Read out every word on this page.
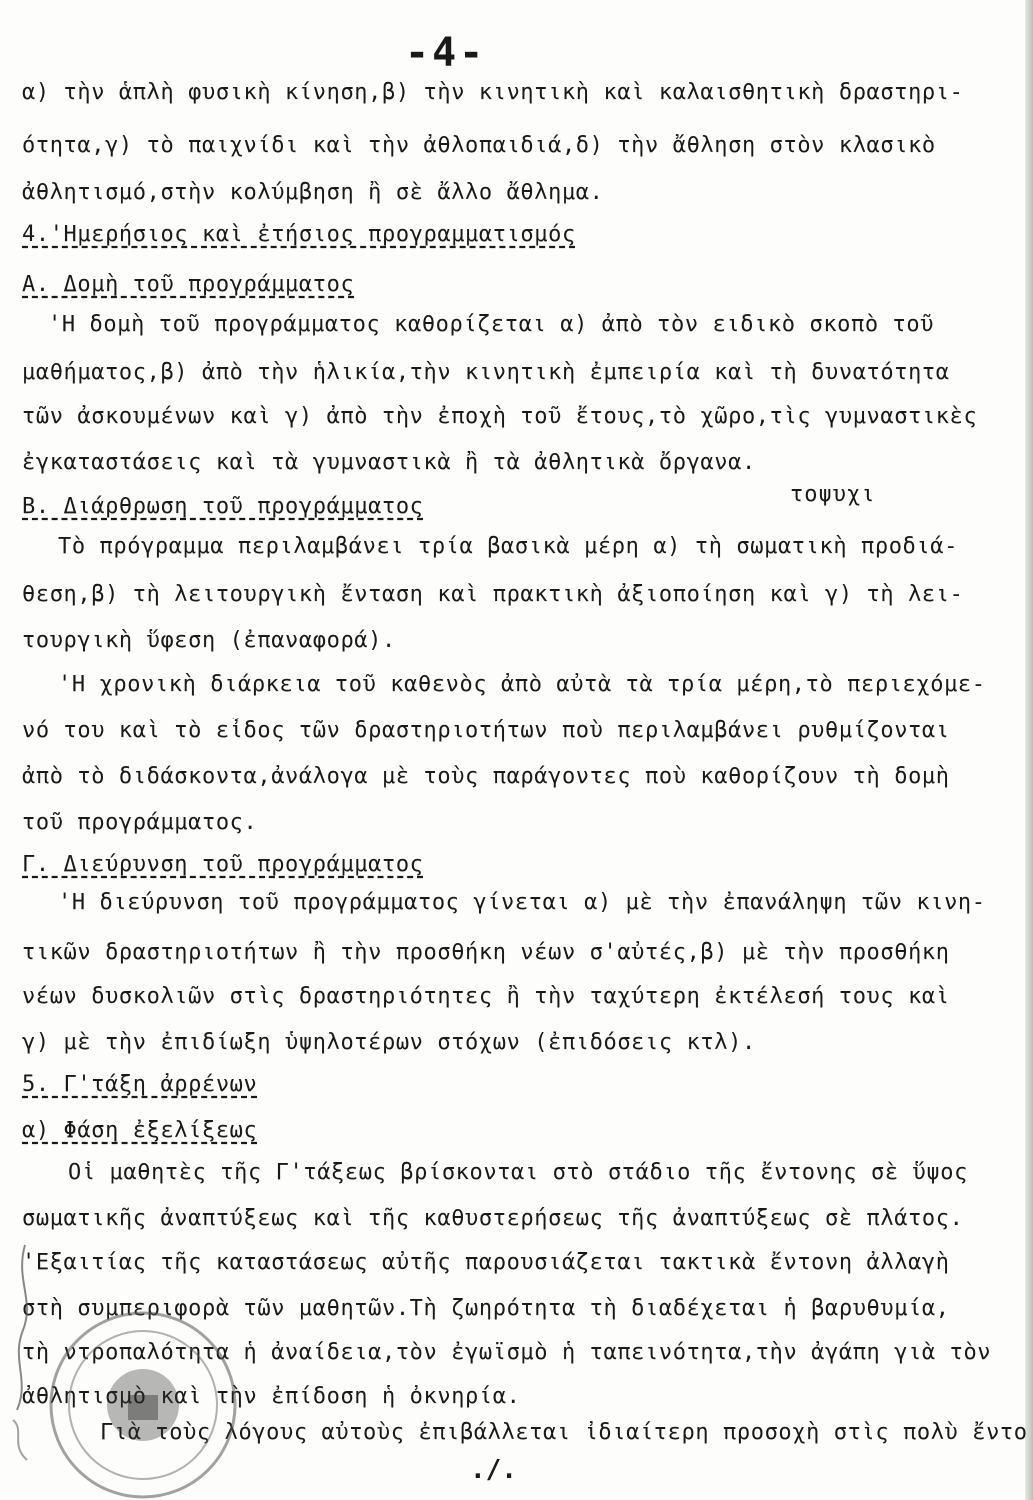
-4-
α) τὴν ἁπλὴ φυσικὴ κίνηση,β) τὴν κινητικὴ καὶ καλαισθητικὴ δραστηρι-
ότητα,γ) τὸ παιχνίδι καὶ τὴν ἀθλοπαιδιά,δ) τὴν ἄθληση στὸν κλασικὸ
ἀθλητισμό,στὴν κολύμβηση ἢ σὲ ἄλλο ἄθλημα.
4.'Ημερήσιος καὶ ἐτήσιος προγραμματισμός
Α. Δομὴ τοῦ προγράμματος
'Η δομὴ τοῦ προγράμματος καθορίζεται α) ἀπὸ τὸν ειδικὸ σκοπὸ τοῦ
μαθήματος,β) ἀπὸ τὴν ἡλικία,τὴν κινητικὴ ἐμπειρία καὶ τὴ δυνατότητα
τῶν ἀσκουμένων καὶ γ) ἀπὸ τὴν ἐποχὴ τοῦ ἔτους,τὸ χῶρο,τὶς γυμναστικὲς
ἐγκαταστάσεις καὶ τὰ γυμναστικὰ ἢ τὰ ἀθλητικὰ ὄργανα.
Β. Διάρθρωση τοῦ προγράμματος	τοψυχι
Τὸ πρόγραμμα περιλαμβάνει τρία βασικὰ μέρη α) τὴ σωματικὴ προδιά-
θεση,β) τὴ λειτουργικὴ ἔνταση καὶ πρακτικὴ ἀξιοποίηση καὶ γ) τὴ λει-
τουργικὴ ὕφεση (ἐπαναφορά).
'Η χρονικὴ διάρκεια τοῦ καθενὸς ἀπὸ αὐτὰ τὰ τρία μέρη,τὸ περιεχόμε-
νό του καὶ τὸ εἶδος τῶν δραστηριοτήτων ποὺ περιλαμβάνει ρυθμίζονται
ἀπὸ τὸ διδάσκοντα,ἀνάλογα μὲ τοὺς παράγοντες ποὺ καθορίζουν τὴ δομὴ
τοῦ προγράμματος.
Γ. Διεύρυνση τοῦ προγράμματος
'Η διεύρυνση τοῦ προγράμματος γίνεται α) μὲ τὴν ἐπανάληψη τῶν κινη-
τικῶν δραστηριοτήτων ἢ τὴν προσθήκη νέων σ'αὐτές,β) μὲ τὴν προσθήκη
νέων δυσκολιῶν στὶς δραστηριότητες ἢ τὴν ταχύτερη ἐκτέλεσή τους καὶ
γ) μὲ τὴν ἐπιδίωξη ὑψηλοτέρων στόχων (ἐπιδόσεις κτλ).
5. Γ'τάξη ἀρρένων
α) Φάση ἐξελίξεως
Οἱ μαθητὲς τῆς Γ'τάξεως βρίσκονται στὸ στάδιο τῆς ἔντονης σὲ ὕψος
σωματικῆς ἀναπτύξεως καὶ τῆς καθυστερήσεως τῆς ἀναπτύξεως σὲ πλάτος.
'Εξαιτίας τῆς καταστάσεως αὐτῆς παρουσιάζεται τακτικὰ ἔντονη ἀλλαγὴ
στὴ συμπεριφορὰ τῶν μαθητῶν.Τὴ ζωηρότητα τὴ διαδέχεται ἡ βαρυθυμία,
τὴ ντροπαλότητα ἡ ἀναίδεια,τὸν ἐγωϊσμὸ ἡ ταπεινότητα,τὴν ἀγάπη γιὰ τὸν
ἀθλητισμὸ καὶ τὴν ἐπίδοση ἡ ὀκνηρία.
Γιὰ τοὺς λόγους αὐτοὺς ἐπιβάλλεται ἰδιαίτερη προσοχὴ στὶς πολὺ ἔντο
./.
